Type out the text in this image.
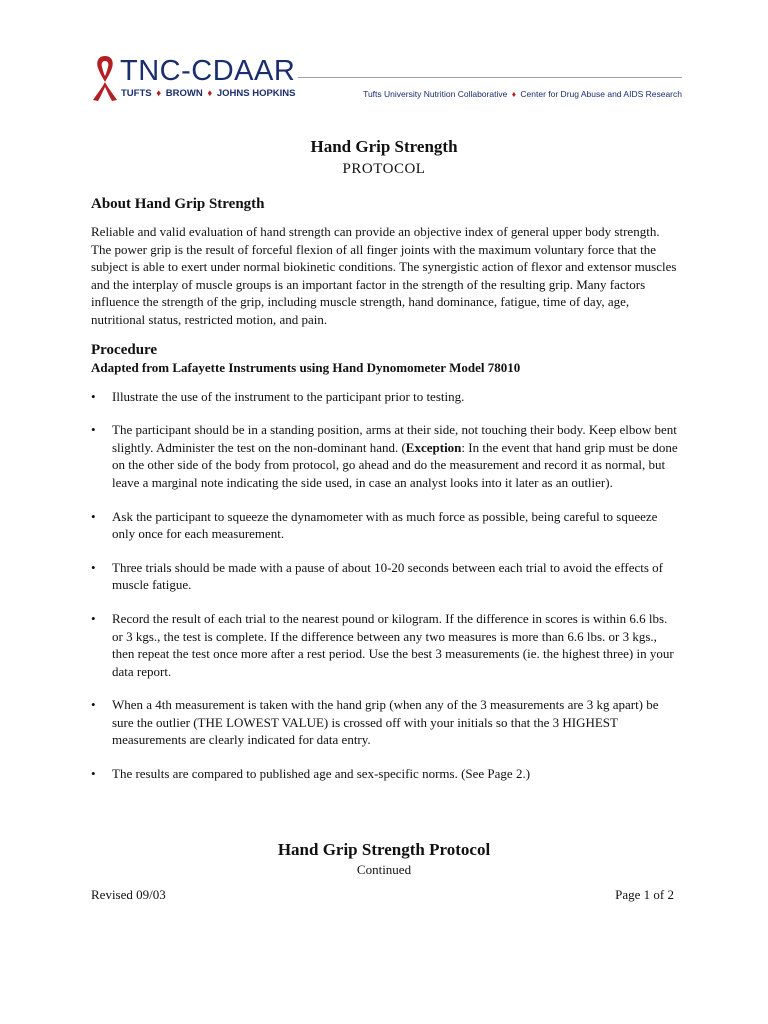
TNC-CDAAR
TUFTS ♦ BROWN ♦ JOHNS HOPKINS	Tufts University Nutrition Collaborative ♦ Center for Drug Abuse and AIDS Research
Hand Grip Strength
PROTOCOL
About Hand Grip Strength

Reliable and valid evaluation of hand strength can provide an objective index of general upper body strength. The power grip is the result of forceful flexion of all finger joints with the maximum voluntary force that the subject is able to exert under normal biokinetic conditions. The synergistic action of flexor and extensor muscles and the interplay of muscle groups is an important factor in the strength of the resulting grip. Many factors influence the strength of the grip, including muscle strength, hand dominance, fatigue, time of day, age, nutritional status, restricted motion, and pain.

Procedure
Adapted from Lafayette Instruments using Hand Dynomometer Model 78010
• Illustrate the use of the instrument to the participant prior to testing.
• The participant should be in a standing position, arms at their side, not touching their body. Keep elbow bent slightly. Administer the test on the non-dominant hand. (Exception: In the event that hand grip must be done on the other side of the body from protocol, go ahead and do the measurement and record it as normal, but leave a marginal note indicating the side used, in case an analyst looks into it later as an outlier).
• Ask the participant to squeeze the dynamometer with as much force as possible, being careful to squeeze only once for each measurement.
• Three trials should be made with a pause of about 10-20 seconds between each trial to avoid the effects of muscle fatigue.
• Record the result of each trial to the nearest pound or kilogram. If the difference in scores is within 6.6 lbs. or 3 kgs., the test is complete. If the difference between any two measures is more than 6.6 lbs. or 3 kgs., then repeat the test once more after a rest period. Use the best 3 measurements (ie. the highest three) in your data report.
• When a 4th measurement is taken with the hand grip (when any of the 3 measurements are 3 kg apart) be sure the outlier (THE LOWEST VALUE) is crossed off with your initials so that the 3 HIGHEST measurements are clearly indicated for data entry.
• The results are compared to published age and sex-specific norms. (See Page 2.)
Hand Grip Strength Protocol
Continued
Revised 09/03	Page 1 of 2
